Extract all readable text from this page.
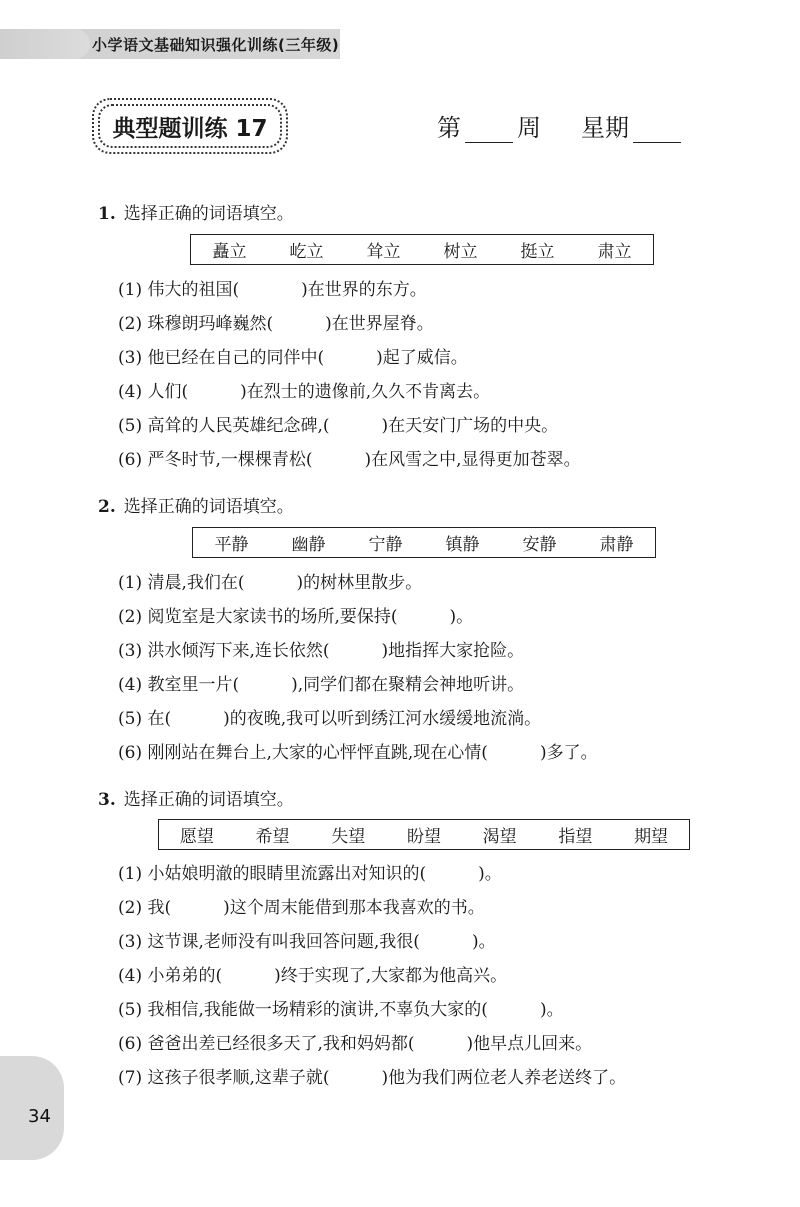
小学语文基础知识强化训练(三年级)
典型题训练 17	第 周 星期
1. 选择正确的词语填空。
矗立	屹立	耸立	树立	挺立	肃立
(1) 伟大的祖国(	)在世界的东方。
(2) 珠穆朗玛峰巍然(	)在世界屋脊。
(3) 他已经在自己的同伴中(	)起了威信。
(4) 人们(	)在烈士的遗像前,久久不肯离去。
(5) 高耸的人民英雄纪念碑,(	)在天安门广场的中央。
(6) 严冬时节,一棵棵青松(	)在风雪之中,显得更加苍翠。
2. 选择正确的词语填空。
平静	幽静	宁静	镇静	安静	肃静
(1) 清晨,我们在(	)的树林里散步。
(2) 阅览室是大家读书的场所,要保持(	)。
(3) 洪水倾泻下来,连长依然(	)地指挥大家抢险。
(4) 教室里一片(	),同学们都在聚精会神地听讲。
(5) 在(	)的夜晚,我可以听到绣江河水缓缓地流淌。
(6) 刚刚站在舞台上,大家的心怦怦直跳,现在心情(	)多了。
3. 选择正确的词语填空。
愿望 希望 失望 盼望 渴望 指望 期望
(1) 小姑娘明澈的眼睛里流露出对知识的(	)。
(2) 我(	)这个周末能借到那本我喜欢的书。
(3) 这节课,老师没有叫我回答问题,我很(	)。
(4) 小弟弟的(	)终于实现了,大家都为他高兴。
(5) 我相信,我能做一场精彩的演讲,不辜负大家的(	)。
(6) 爸爸出差已经很多天了,我和妈妈都(	)他早点儿回来。
(7) 这孩子很孝顺,这辈子就(	)他为我们两位老人养老送终了。
34
